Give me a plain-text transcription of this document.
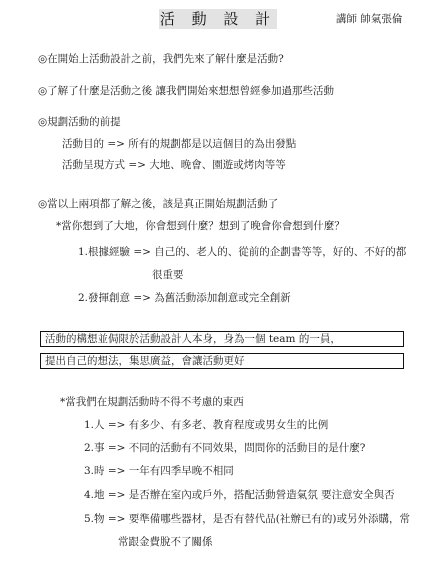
活 動 設 計	講師 帥氣張倫
◎在開始上活動設計之前，我們先來了解什麼是活動?
◎了解了什麼是活動之後 讓我們開始來想想曾經參加過那些活動
◎規劃活動的前提
活動目的 => 所有的規劃都是以這個目的為出發點
活動呈現方式 => 大地、晚會、園遊或烤肉等等
◎當以上兩項都了解之後，該是真正開始規劃活動了
*當你想到了大地，你會想到什麼？想到了晚會你會想到什麼？
1.根據經驗 => 自己的、老人的、從前的企劃書等等，好的、不好的都
很重要
2.發揮創意 => 為舊活動添加創意或完全創新
活動的構想並侷限於活動設計人本身，身為一個 team 的一員，
提出自己的想法，集思廣益，會讓活動更好
*當我們在規劃活動時不得不考慮的東西
1.人 => 有多少、有多老、教育程度或男女生的比例
2.事 => 不同的活動有不同效果，問問你的活動目的是什麼?
3.時 => 一年有四季早晚不相同
4.地 => 是否辦在室內或戶外，搭配活動營造氣氛 要注意安全與否
5.物 => 要準備哪些器材，是否有替代品(社辦已有的)或另外添購，常
常跟金費脫不了關係
